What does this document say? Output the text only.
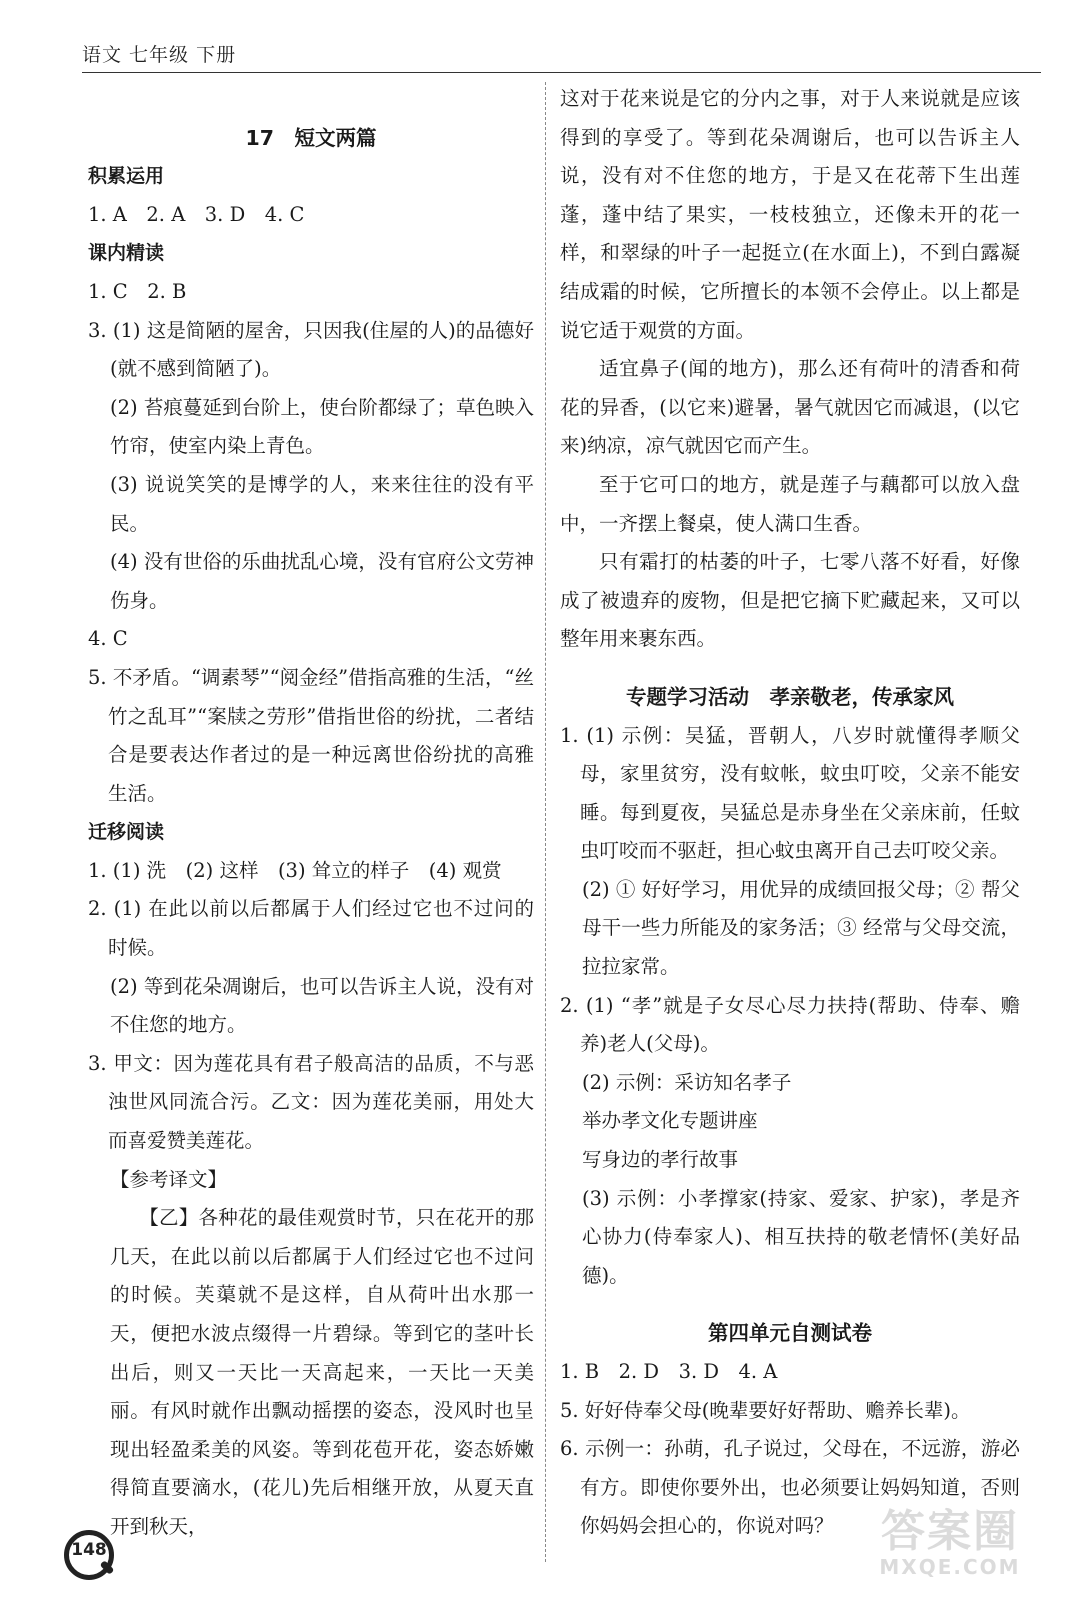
语文 七年级 下册

17　短文两篇

积累运用

1. A　2. A　3. D　4. C

课内精读

1. C　2. B

3. (1) 这是简陋的屋舍，只因我(住屋的人)的品德好(就不感到简陋了)。

(2) 苔痕蔓延到台阶上，使台阶都绿了；草色映入竹帘，使室内染上青色。

(3) 说说笑笑的是博学的人，来来往往的没有平民。

(4) 没有世俗的乐曲扰乱心境，没有官府公文劳神伤身。

4. C

5. 不矛盾。“调素琴”“阅金经”借指高雅的生活，“丝竹之乱耳”“案牍之劳形”借指世俗的纷扰，二者结合是要表达作者过的是一种远离世俗纷扰的高雅生活。

迁移阅读

1. (1) 洗　(2) 这样　(3) 耸立的样子　(4) 观赏

2. (1) 在此以前以后都属于人们经过它也不过问的时候。

(2) 等到花朵凋谢后，也可以告诉主人说，没有对不住您的地方。

3. 甲文：因为莲花具有君子般高洁的品质，不与恶浊世风同流合污。乙文：因为莲花美丽，用处大而喜爱赞美莲花。

【参考译文】

【乙】各种花的最佳观赏时节，只在花开的那几天，在此以前以后都属于人们经过它也不过问的时候。芙蕖就不是这样，自从荷叶出水那一天，便把水波点缀得一片碧绿。等到它的茎叶长出后，则又一天比一天高起来，一天比一天美丽。有风时就作出飘动摇摆的姿态，没风时也呈现出轻盈柔美的风姿。等到花苞开花，姿态娇嫩得简直要滴水，(花儿)先后相继开放，从夏天直开到秋天，

这对于花来说是它的分内之事，对于人来说就是应该得到的享受了。等到花朵凋谢后，也可以告诉主人说，没有对不住您的地方，于是又在花蒂下生出莲蓬，蓬中结了果实，一枝枝独立，还像未开的花一样，和翠绿的叶子一起挺立(在水面上)，不到白露凝结成霜的时候，它所擅长的本领不会停止。以上都是说它适于观赏的方面。

适宜鼻子(闻的地方)，那么还有荷叶的清香和荷花的异香，(以它来)避暑，暑气就因它而减退，(以它来)纳凉，凉气就因它而产生。

至于它可口的地方，就是莲子与藕都可以放入盘中，一齐摆上餐桌，使人满口生香。

只有霜打的枯萎的叶子，七零八落不好看，好像成了被遗弃的废物，但是把它摘下贮藏起来，又可以整年用来裹东西。

专题学习活动　孝亲敬老，传承家风

1. (1) 示例：吴猛，晋朝人，八岁时就懂得孝顺父母，家里贫穷，没有蚊帐，蚊虫叮咬，父亲不能安睡。每到夏夜，吴猛总是赤身坐在父亲床前，任蚊虫叮咬而不驱赶，担心蚊虫离开自己去叮咬父亲。

(2) ① 好好学习，用优异的成绩回报父母；② 帮父母干一些力所能及的家务活；③ 经常与父母交流，拉拉家常。

2. (1) “孝”就是子女尽心尽力扶持(帮助、侍奉、赡养)老人(父母)。

(2) 示例：采访知名孝子

举办孝文化专题讲座

写身边的孝行故事

(3) 示例：小孝撑家(持家、爱家、护家)，孝是齐心协力(侍奉家人)、相互扶持的敬老情怀(美好品德)。

第四单元自测试卷

1. B　2. D　3. D　4. A

5. 好好侍奉父母(晚辈要好好帮助、赡养长辈)。

6. 示例一：孙萌，孔子说过，父母在，不远游，游必有方。即使你要外出，也必须要让妈妈知道，否则你妈妈会担心的，你说对吗？

148	答案圈
MXQE.COM
